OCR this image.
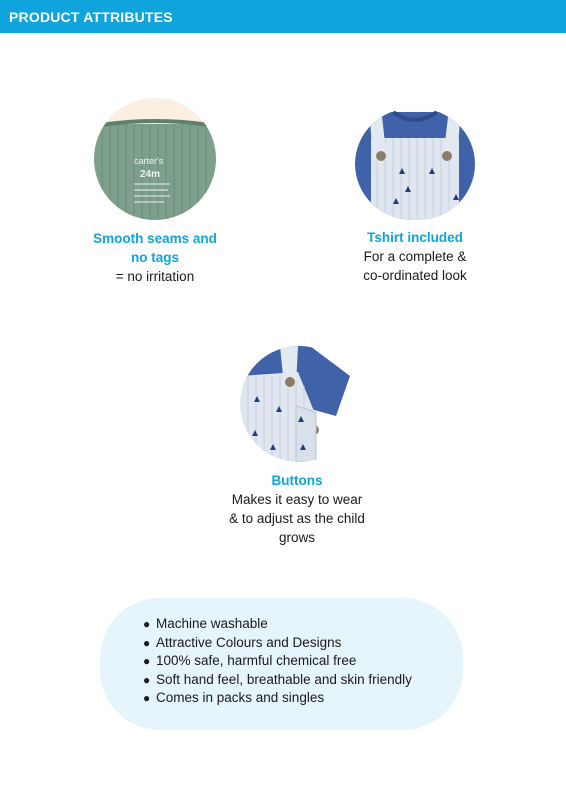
PRODUCT ATTRIBUTES
carter's
24m
Smooth seams and
no tags
= no irritation
Tshirt included
For a complete &
co-ordinated look
Buttons
Makes it easy to wear
& to adjust as the child
grows
● Machine washable
● Attractive Colours and Designs
● 100% safe, harmful chemical free
● Soft hand feel, breathable and skin friendly
● Comes in packs and singles
